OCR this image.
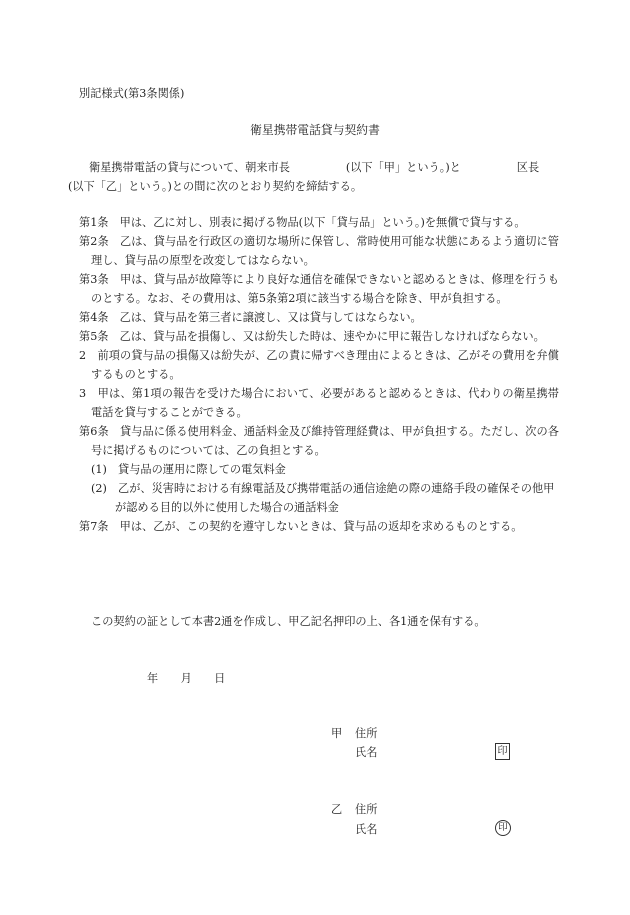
別記様式(第3条関係)
衛星携帯電話貸与契約書
衛星携帯電話の貸与について、朝来市長　　　　　(以下「甲」という。)と　　　　　区長
(以下「乙」という。)との間に次のとおり契約を締結する。
第1条　甲は、乙に対し、別表に掲げる物品(以下「貸与品」という。)を無償で貸与する。
第2条　乙は、貸与品を行政区の適切な場所に保管し、常時使用可能な状態にあるよう適切に管理し、貸与品の原型を改変してはならない。
第3条　甲は、貸与品が故障等により良好な通信を確保できないと認めるときは、修理を行うものとする。なお、その費用は、第5条第2項に該当する場合を除き、甲が負担する。
第4条　乙は、貸与品を第三者に譲渡し、又は貸与してはならない。
第5条　乙は、貸与品を損傷し、又は紛失した時は、速やかに甲に報告しなければならない。
2　前項の貸与品の損傷又は紛失が、乙の責に帰すべき理由によるときは、乙がその費用を弁償するものとする。
3　甲は、第1項の報告を受けた場合において、必要があると認めるときは、代わりの衛星携帯電話を貸与することができる。
第6条　貸与品に係る使用料金、通話料金及び維持管理経費は、甲が負担する。ただし、次の各号に掲げるものについては、乙の負担とする。
(1)　貸与品の運用に際しての電気料金
(2)　乙が、災害時における有線電話及び携帯電話の通信途絶の際の連絡手段の確保その他甲が認める目的以外に使用した場合の通話料金
第7条　甲は、乙が、この契約を遵守しないときは、貸与品の返却を求めるものとする。
この契約の証として本書2通を作成し、甲乙記名押印の上、各1通を保有する。
年　　月　　日
甲 住所
氏名	印
乙 住所
氏名	印
